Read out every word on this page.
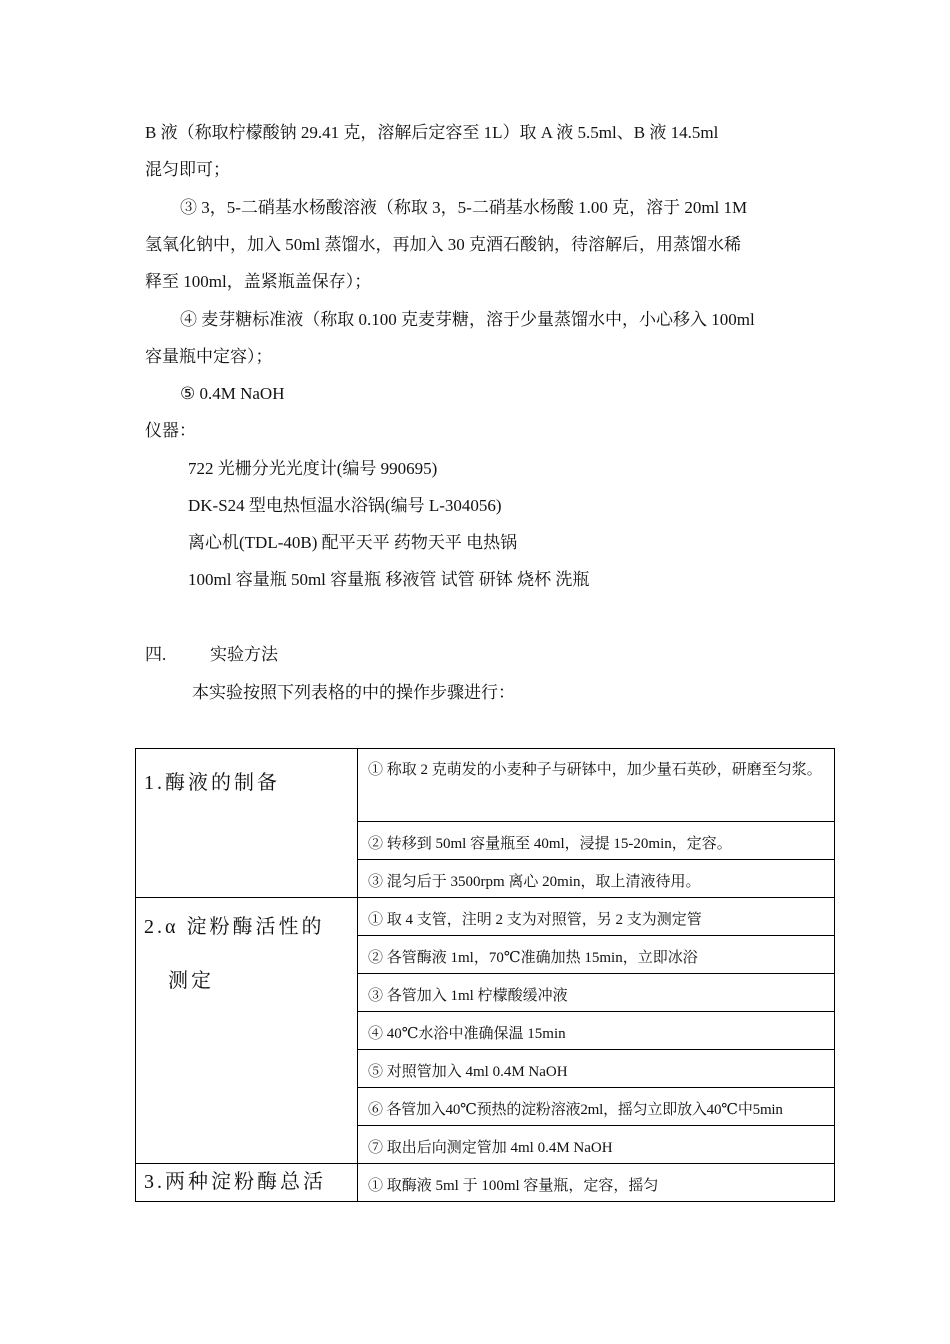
B 液（称取柠檬酸钠 29.41 克，溶解后定容至 1L）取 A 液 5.5ml、B 液 14.5ml
混匀即可；
③ 3，5-二硝基水杨酸溶液（称取 3，5-二硝基水杨酸 1.00 克，溶于 20ml 1M
氢氧化钠中，加入 50ml 蒸馏水，再加入 30 克酒石酸钠，待溶解后，用蒸馏水稀
释至 100ml，盖紧瓶盖保存）；
④ 麦芽糖标准液（称取 0.100 克麦芽糖，溶于少量蒸馏水中，小心移入 100ml
容量瓶中定容）；
⑤ 0.4M NaOH
仪器：
722 光栅分光光度计(编号 990695)
DK-S24 型电热恒温水浴锅(编号 L-304056)
离心机(TDL-40B) 配平天平 药物天平 电热锅
100ml 容量瓶 50ml 容量瓶 移液管 试管 研钵 烧杯 洗瓶
四.	实验方法
本实验按照下列表格的中的操作步骤进行：
1.酶液的制备	① 称取 2 克萌发的小麦种子与研钵中，加少量石英砂，研磨至匀浆。
	② 转移到 50ml 容量瓶至 40ml，浸提 15-20min，定容。
	③ 混匀后于 3500rpm 离心 20min，取上清液待用。
2.α 淀粉酶活性的
测定	① 取 4 支管，注明 2 支为对照管，另 2 支为测定管
	② 各管酶液 1ml，70℃准确加热 15min，立即冰浴
	③ 各管加入 1ml 柠檬酸缓冲液
	④ 40℃水浴中准确保温 15min
	⑤ 对照管加入 4ml 0.4M NaOH
	⑥ 各管加入40℃预热的淀粉溶液2ml，摇匀立即放入40℃中5min
	⑦ 取出后向测定管加 4ml 0.4M NaOH
3.两种淀粉酶总活	① 取酶液 5ml 于 100ml 容量瓶，定容，摇匀
